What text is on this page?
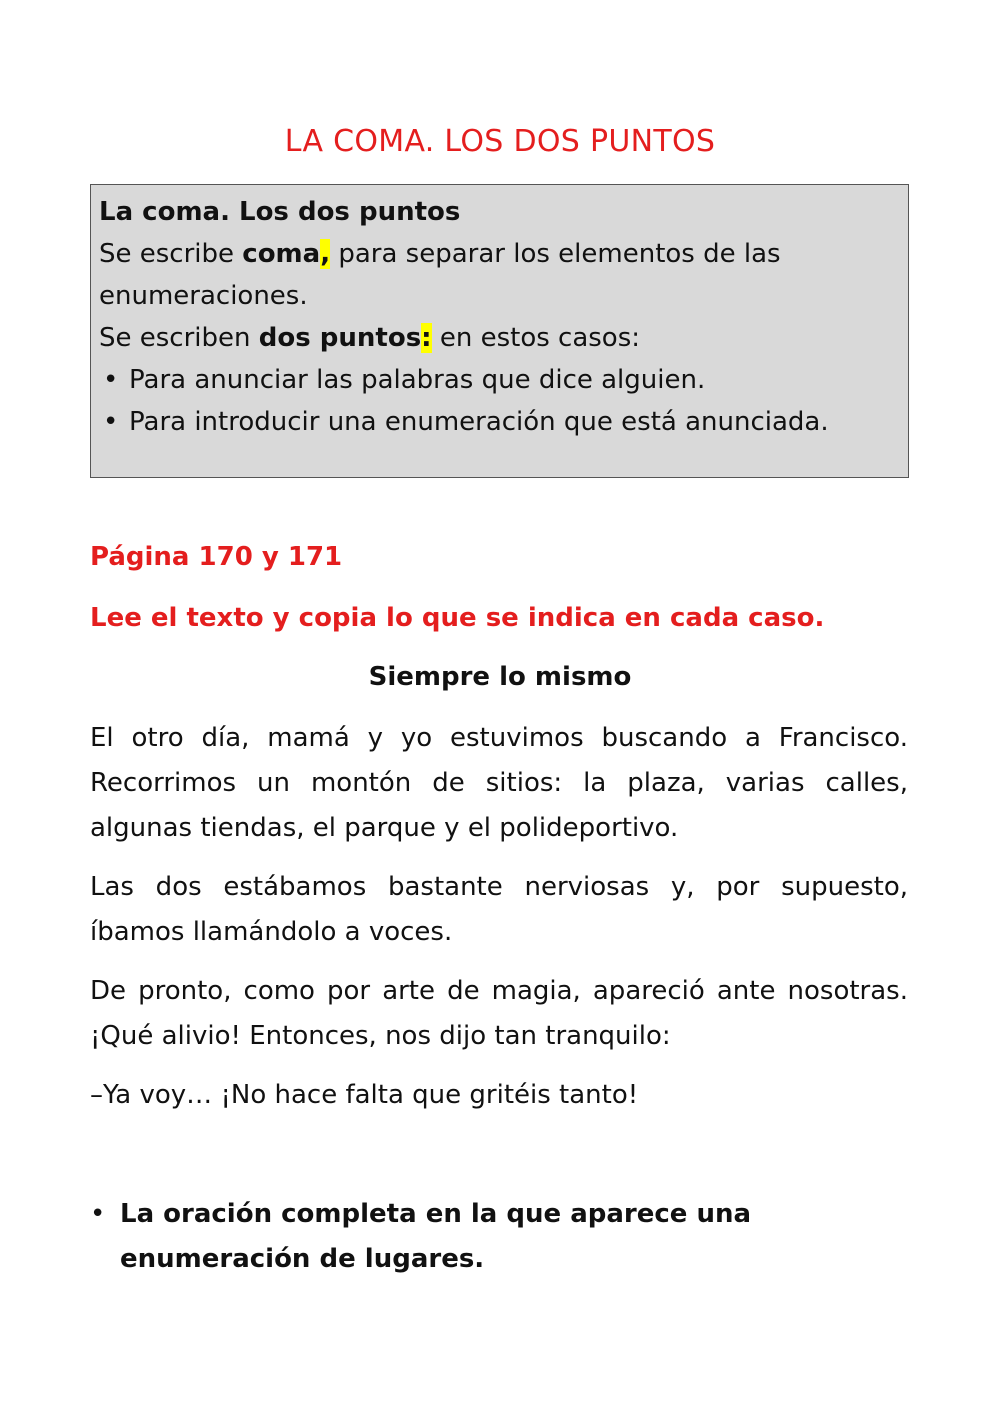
LA COMA. LOS DOS PUNTOS
La coma. Los dos puntos
Se escribe coma, para separar los elementos de las enumeraciones.
Se escriben dos puntos: en estos casos:
• Para anunciar las palabras que dice alguien.
• Para introducir una enumeración que está anunciada.

Página 170 y 171

Lee el texto y copia lo que se indica en cada caso.

Siempre lo mismo

El otro día, mamá y yo estuvimos buscando a Francisco. Recorrimos un montón de sitios: la plaza, varias calles, algunas tiendas, el parque y el polideportivo.

Las dos estábamos bastante nerviosas y, por supuesto, íbamos llamándolo a voces.

De pronto, como por arte de magia, apareció ante nosotras. ¡Qué alivio! Entonces, nos dijo tan tranquilo:

–Ya voy… ¡No hace falta que gritéis tanto!

• La oración completa en la que aparece una enumeración de lugares.
